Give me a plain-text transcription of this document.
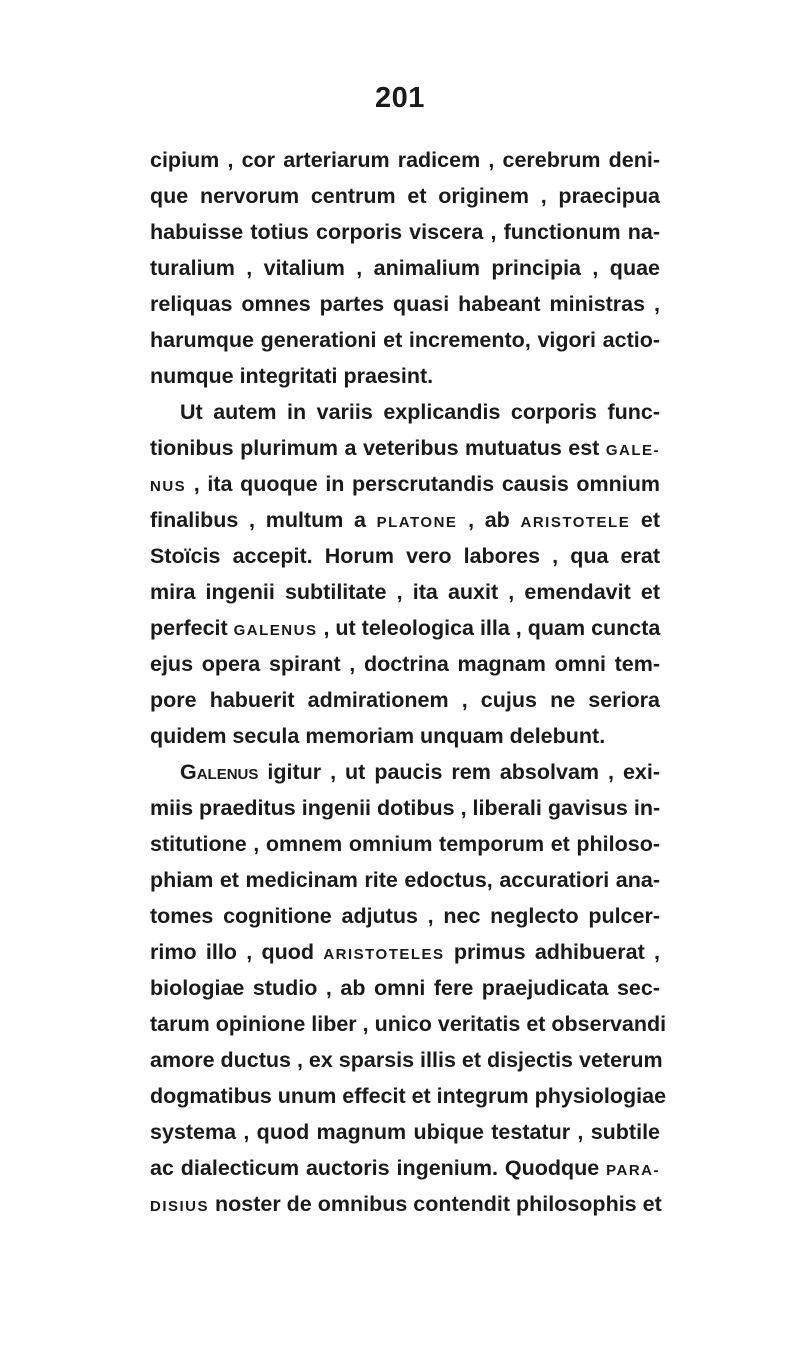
201
cipium , cor arteriarum radicem , cerebrum deni-
que nervorum centrum et originem , praecipua
habuisse totius corporis viscera , functionum na-
turalium , vitalium , animalium principia , quae
reliquas omnes partes quasi habeant ministras ,
harumque generationi et incremento, vigori actio-
numque integritati praesint.
Ut autem in variis explicandis corporis func-
tionibus plurimum a veteribus mutuatus est GALE-
NUS , ita quoque in perscrutandis causis omnium
finalibus , multum a PLATONE , ab ARISTOTELE et
Stoïcis accepit. Horum vero labores , qua erat
mira ingenii subtilitate , ita auxit , emendavit et
perfecit GALENUS , ut teleologica illa , quam cuncta
ejus opera spirant , doctrina magnam omni tem-
pore habuerit admirationem , cujus ne seriora
quidem secula memoriam unquam delebunt.
Galenus igitur , ut paucis rem absolvam , exi-
miis praeditus ingenii dotibus , liberali gavisus in-
stitutione , omnem omnium temporum et philoso-
phiam et medicinam rite edoctus, accuratiori ana-
tomes cognitione adjutus , nec neglecto pulcer-
rimo illo , quod ARISTOTELES primus adhibuerat ,
biologiae studio , ab omni fere praejudicata sec-
tarum opinione liber , unico veritatis et observandi
amore ductus , ex sparsis illis et disjectis veterum
dogmatibus unum effecit et integrum physiologiae
systema , quod magnum ubique testatur , subtile
ac dialecticum auctoris ingenium. Quodque PARA-
DISIUS noster de omnibus contendit philosophis et
